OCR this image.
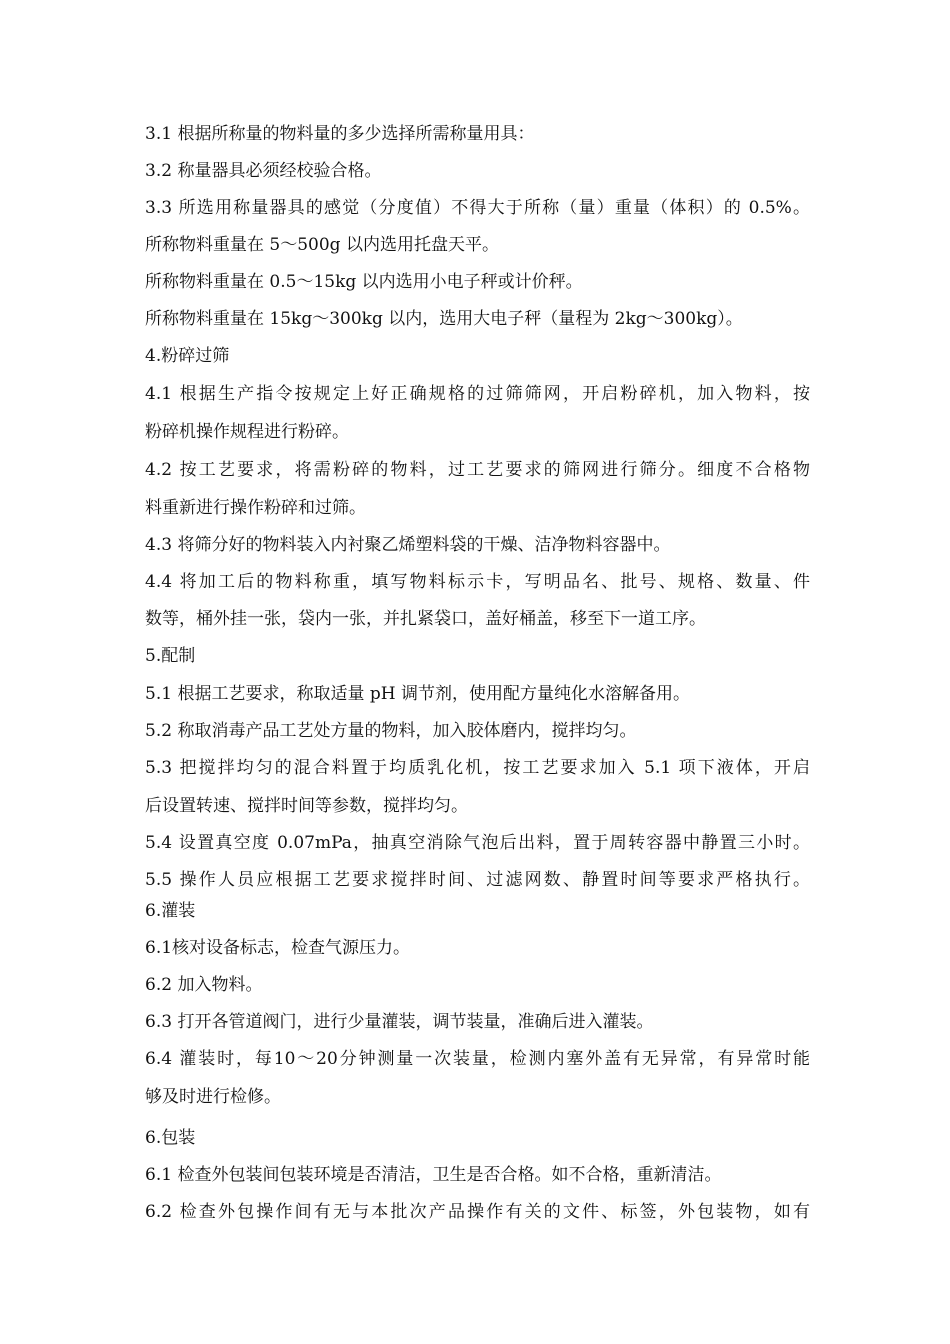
3.1 根据所称量的物料量的多少选择所需称量用具：
3.2 称量器具必须经校验合格。
3.3 所选用称量器具的感觉（分度值）不得大于所称（量）重量（体积）的 0.5%。
所称物料重量在 5～500g 以内选用托盘天平。
所称物料重量在 0.5～15kg 以内选用小电子秤或计价秤。
所称物料重量在 15kg～300kg 以内，选用大电子秤（量程为 2kg～300kg）。
4.粉碎过筛
4.1 根据生产指令按规定上好正确规格的过筛筛网，开启粉碎机，加入物料，按
粉碎机操作规程进行粉碎。
4.2 按工艺要求，将需粉碎的物料，过工艺要求的筛网进行筛分。细度不合格物
料重新进行操作粉碎和过筛。
4.3 将筛分好的物料装入内衬聚乙烯塑料袋的干燥、洁净物料容器中。
4.4 将加工后的物料称重，填写物料标示卡，写明品名、批号、规格、数量、件
数等，桶外挂一张，袋内一张，并扎紧袋口，盖好桶盖，移至下一道工序。
5.配制
5.1 根据工艺要求，称取适量 pH 调节剂，使用配方量纯化水溶解备用。
5.2 称取消毒产品工艺处方量的物料，加入胶体磨内，搅拌均匀。
5.3 把搅拌均匀的混合料置于均质乳化机，按工艺要求加入 5.1 项下液体，开启
后设置转速、搅拌时间等参数，搅拌均匀。
5.4 设置真空度 0.07mPa，抽真空消除气泡后出料，置于周转容器中静置三小时。
5.5 操作人员应根据工艺要求搅拌时间、过滤网数、静置时间等要求严格执行。
6.灌装
6.1核对设备标志，检查气源压力。
6.2 加入物料。
6.3 打开各管道阀门，进行少量灌装，调节装量，准确后进入灌装。
6.4 灌装时，每10～20分钟测量一次装量，检测内塞外盖有无异常，有异常时能
够及时进行检修。
6.包装
6.1 检查外包装间包装环境是否清洁，卫生是否合格。如不合格，重新清洁。
6.2 检查外包操作间有无与本批次产品操作有关的文件、标签，外包装物，如有
